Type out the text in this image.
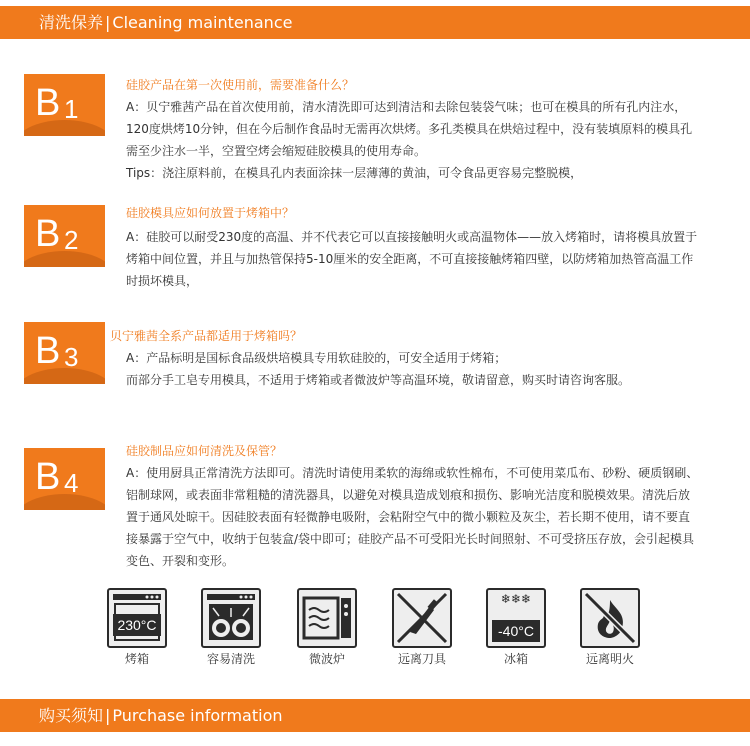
清洗保养 | Cleaning maintenance
B 1
硅胶产品在第一次使用前，需要准备什么？

A：贝宁雅茜产品在首次使用前，清水清洗即可达到清洁和去除包装袋气味；也可在模具的所有孔内注水，

120度烘烤10分钟，但在今后制作食品时无需再次烘烤。多孔类模具在烘焙过程中，没有装填原料的模具孔

需至少注水一半，空置空烤会缩短硅胶模具的使用寿命。

Tips：浇注原料前，在模具孔内表面涂抹一层薄薄的黄油，可令食品更容易完整脱模，

B 2
硅胶模具应如何放置于烤箱中？

A：硅胶可以耐受230度的高温、并不代表它可以直接接触明火或高温物体——放入烤箱时，请将模具放置于

烤箱中间位置，并且与加热管保持5-10厘米的安全距离，不可直接接触烤箱四壁，以防烤箱加热管高温工作

时损坏模具，

B 3
贝宁雅茜全系产品都适用于烤箱吗？

A：产品标明是国标食品级烘培模具专用软硅胶的，可安全适用于烤箱；

而部分手工皂专用模具，不适用于烤箱或者微波炉等高温环境，敬请留意，购买时请咨询客服。

B 4
硅胶制品应如何清洗及保管？

A：使用厨具正常清洗方法即可。清洗时请使用柔软的海绵或软性棉布，不可使用菜瓜布、砂粉、硬质钢刷、

铝制球网，或表面非常粗糙的清洗器具，以避免对模具造成划痕和损伤、影响光洁度和脱模效果。清洗后放

置于通风处晾干。因硅胶表面有轻微静电吸附，会粘附空气中的微小颗粒及灰尘，若长期不使用，请不要直

接暴露于空气中，收纳于包装盒/袋中即可；硅胶产品不可受阳光长时间照射、不可受挤压存放，会引起模具

变色、开裂和变形。

230°C
烤箱	容易清洗	微波炉	远离刀具
❄❄❄
-40°C
冰箱	远离明火
购买须知 | Purchase information
